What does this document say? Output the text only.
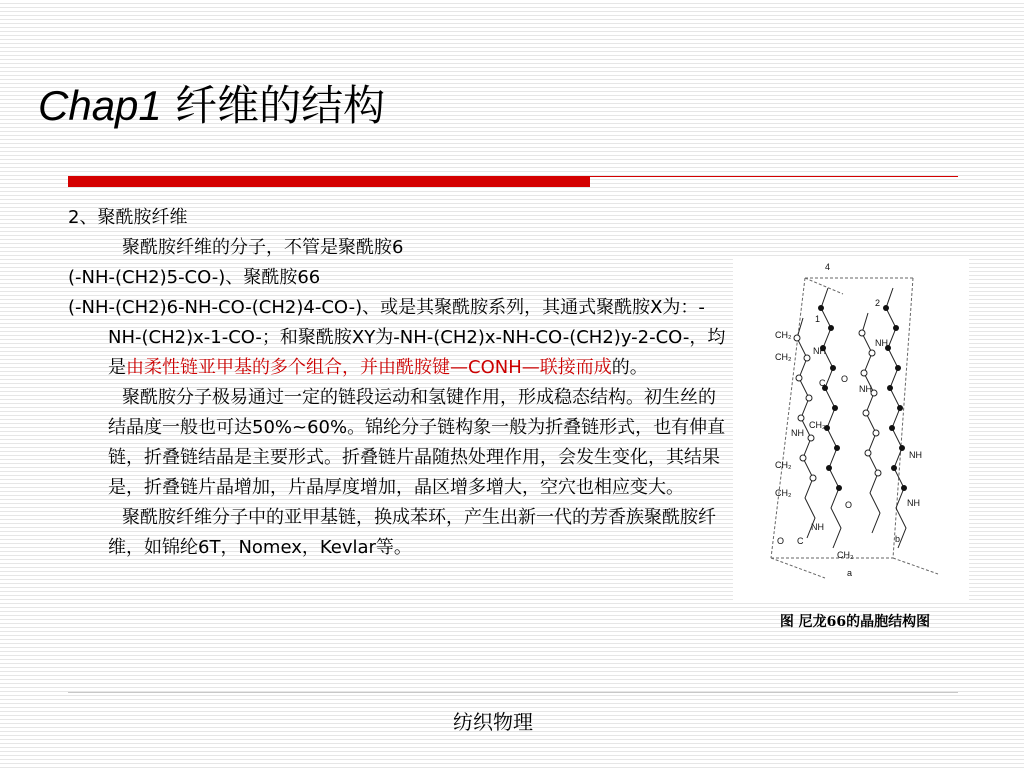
Chap1 纤维的结构

2、聚酰胺纤维

聚酰胺纤维的分子，不管是聚酰胺6

(-NH-(CH2)5-CO-)、聚酰胺66

(-NH-(CH2)6-NH-CO-(CH2)4-CO-)、或是其聚酰胺系列，其通式聚酰胺X为：-NH-(CH2)x-1-CO-；和聚酰胺XY为-NH-(CH2)x-NH-CO-(CH2)y-2-CO-，均是由柔性链亚甲基的多个组合，并由酰胺键—CONH—联接而成的。

聚酰胺分子极易通过一定的链段运动和氢键作用，形成稳态结构。初生丝的结晶度一般也可达50%~60%。锦纶分子链构象一般为折叠链形式，也有伸直链，折叠链结晶是主要形式。折叠链片晶随热处理作用，会发生变化，其结果是，折叠链片晶增加，片晶厚度增加，晶区增多增大，空穴也相应变大。

聚酰胺纤维分子中的亚甲基链，换成苯环，产生出新一代的芳香族聚酰胺纤维，如锦纶6T，Nomex，Kevlar等。

4
1
2
CH₂
CH₂
NH
NH
C O
NH
NH
CH₂
CH₂
NH
CH₂
O	NH
NH
O C
CH₂
a
b
图 尼龙66的晶胞结构图
纺织物理
